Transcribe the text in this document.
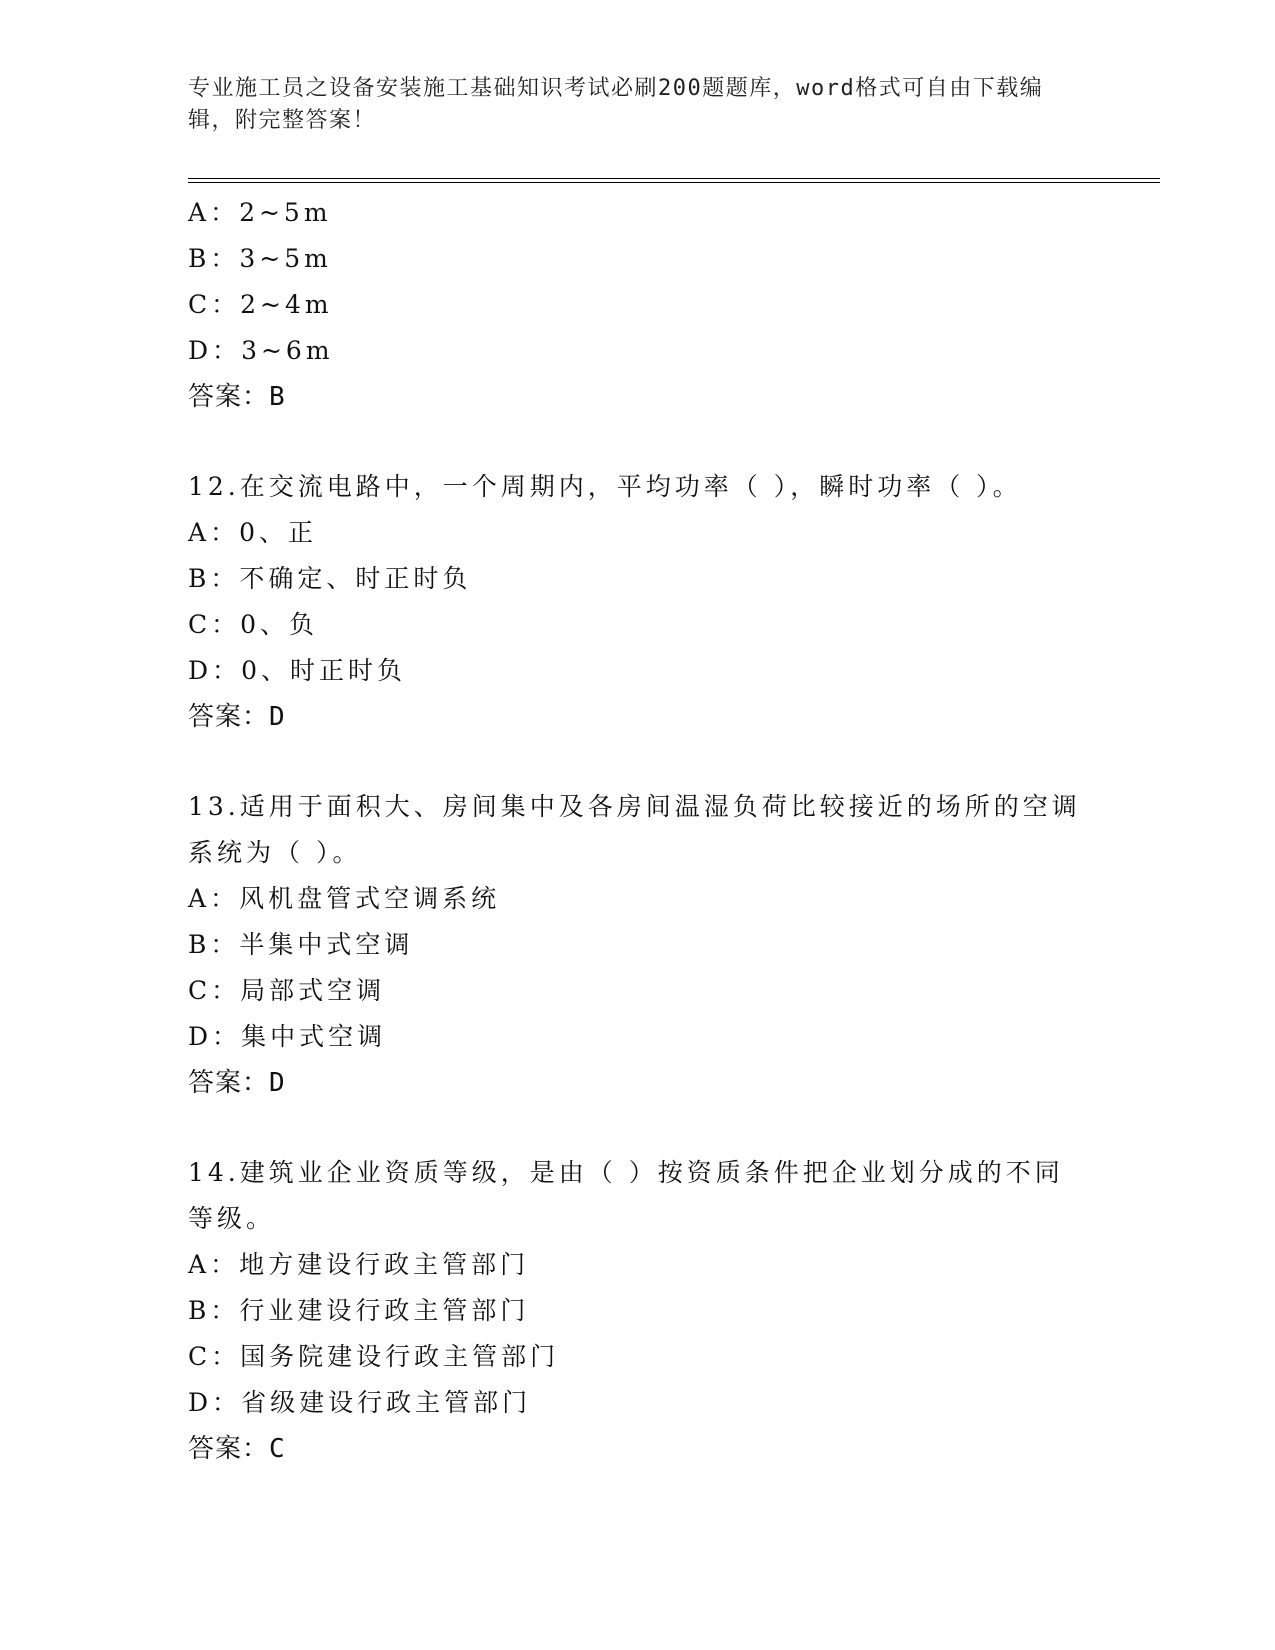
专业施工员之设备安装施工基础知识考试必刷200题题库，word格式可自由下载编辑，附完整答案！
A：2~5m
B：3~5m
C：2~4m
D：3~6m
答案：B
12.在交流电路中，一个周期内，平均功率（ ），瞬时功率（ ）。
A：0、正
B：不确定、时正时负
C：0、负
D：0、时正时负
答案：D
13.适用于面积大、房间集中及各房间温湿负荷比较接近的场所的空调系统为（ ）。
A：风机盘管式空调系统
B：半集中式空调
C：局部式空调
D：集中式空调
答案：D
14.建筑业企业资质等级，是由（ ）按资质条件把企业划分成的不同等级。
A：地方建设行政主管部门
B：行业建设行政主管部门
C：国务院建设行政主管部门
D：省级建设行政主管部门
答案：C
